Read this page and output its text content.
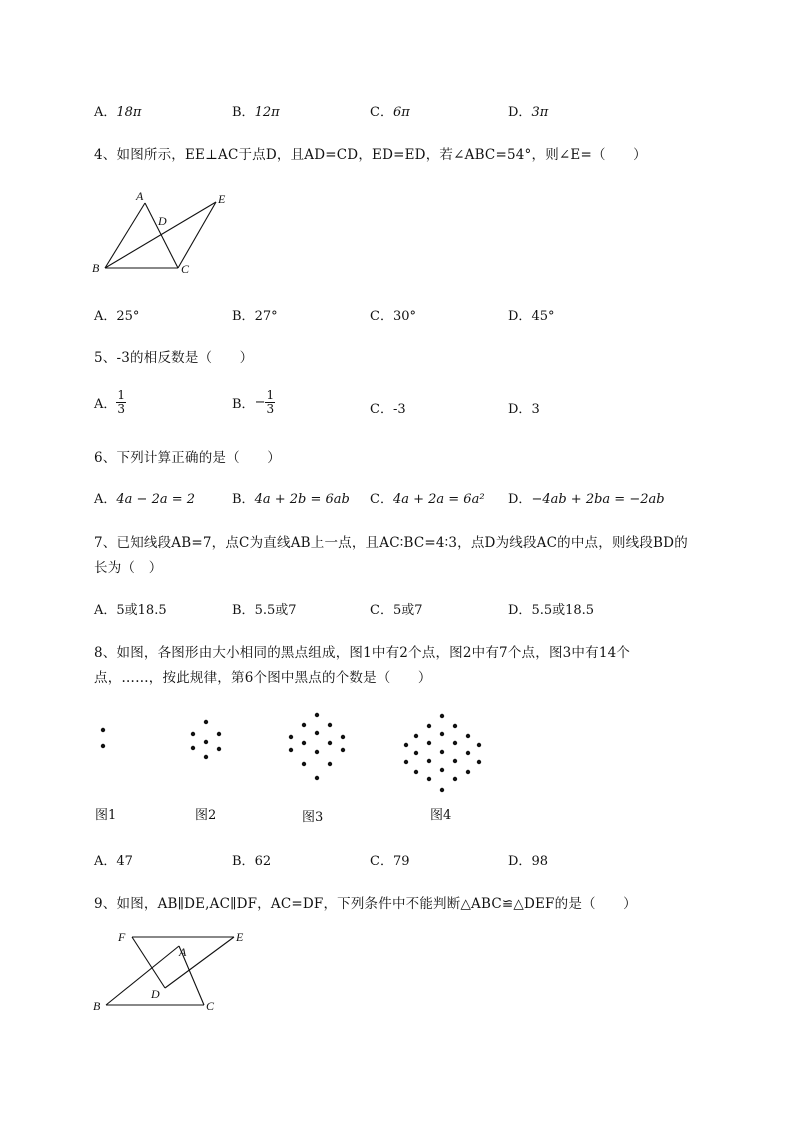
A．18π	B．12π	C．6π	D．3π
4、如图所示，EE⊥AC于点D，且AD=CD，ED=ED，若∠ABC=54°，则∠E=（　　）
A
B	C
D
E
A．25°	B．27°	C．30°	D．45°
5、-3的相反数是（　　）
A． $\frac{1}{3}$	B．− $\frac{1}{3}$	C．-3	D．3
6、下列计算正确的是（　　）
A．4a − 2a = 2	B．4a + 2b = 6ab C．4a + 2a = 6a² D．−4ab + 2ba = −2ab
7、已知线段AB=7，点C为直线AB上一点，且AC∶BC=4∶3，点D为线段AC的中点，则线段BD的
长为（　）
A．5或18.5	B．5.5或7	C．5或7	D．5.5或18.5
8、如图，各图形由大小相同的黑点组成，图1中有2个点，图2中有7个点，图3中有14个
点，……，按此规律，第6个图中黑点的个数是（　　）
图1	图2	图3	图4
A．47	B．62	C．79	D．98
9、如图，AB∥DE,AC∥DF，AC=DF，下列条件中不能判断△ABC≌△DEF的是（　　）
F	E
A
D
B	C
